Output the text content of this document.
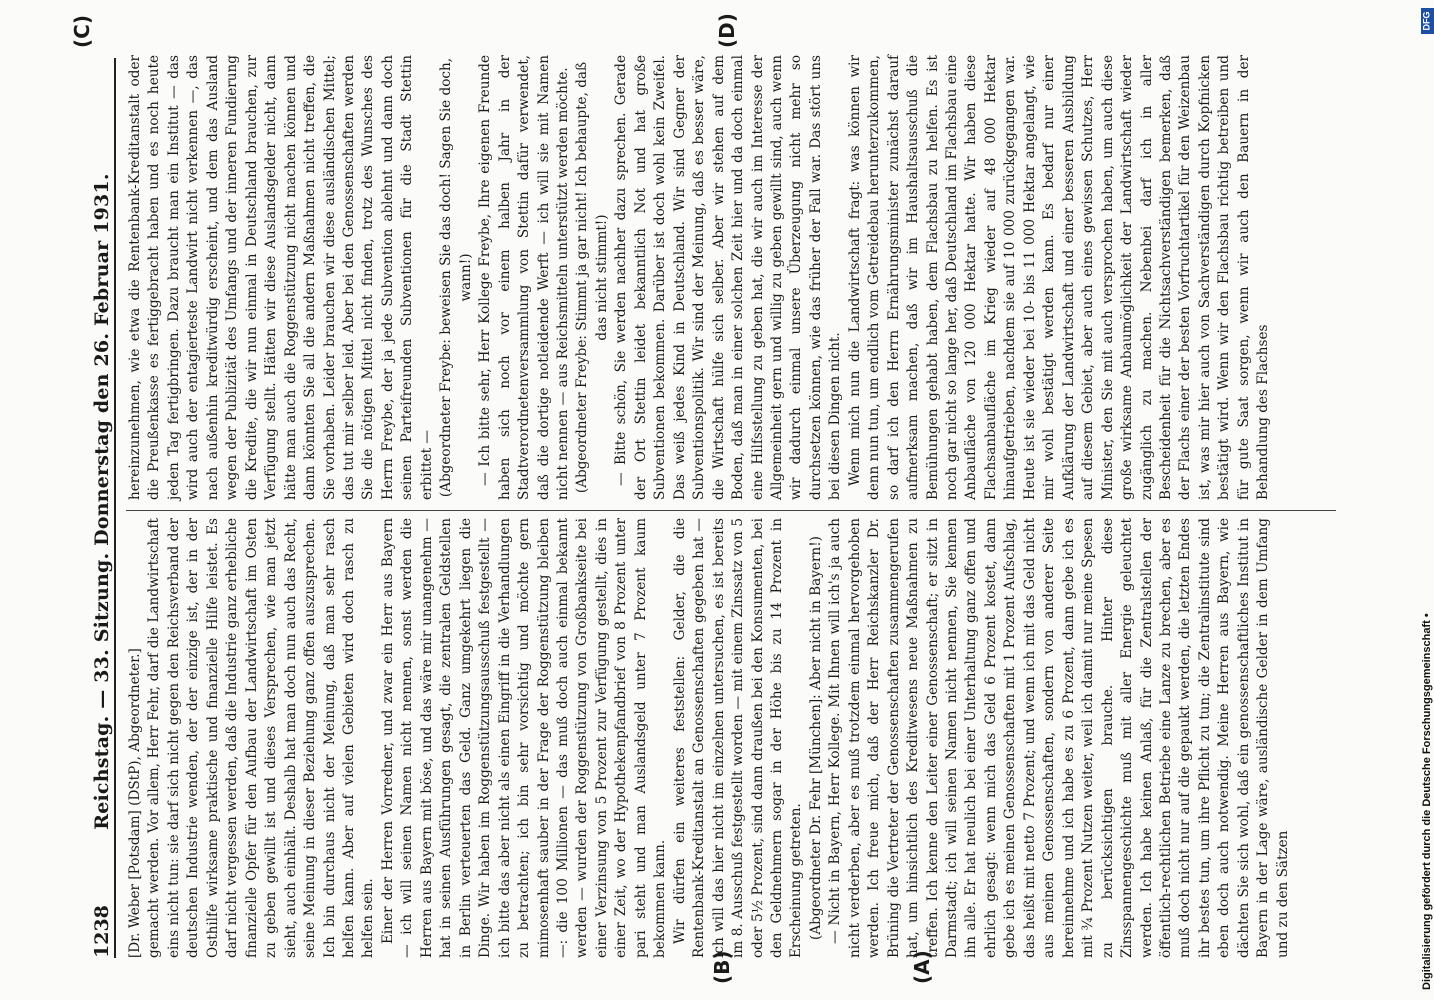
1238
Reichstag. — 33. Sitzung. Donnerstag den 26. Februar 1931. [Dr. Weber [Potsdam] (DStP), Abgeordneter.] gemacht werden. Vor allem, Herr Fehr, darf die Landwirtschaft eins nicht tun: sie darf sich nicht gegen den Reichsverband der deutschen Industrie wenden, der der einzige ist, der in der Osthilfe wirksame praktische und finanzielle Hilfe leistet. Es darf nicht vergessen werden, daß die Industrie ganz erhebliche finanzielle Opfer für den Aufbau der Landwirtschaft im Osten zu geben gewillt ist und dieses Versprechen, wie man jetzt sieht, auch einhält. Deshalb hat man doch nun auch das Recht, seine Meinung in dieser Beziehung ganz offen auszusprechen. Ich bin durchaus nicht der Meinung, daß man sehr rasch helfen kann. Aber auf vielen Gebieten wird doch rasch zu helfen sein. Einer der Herren Vorredner, und zwar ein Herr aus Bayern — ich will seinen Namen nicht nennen, sonst werden die Herren aus Bayern mit böse, und das wäre mir unangenehm — hat in seinen Ausführungen gesagt, die zentralen Geldstellen in Berlin verteuerten das Geld. Ganz umgekehrt liegen die Dinge. Wir haben im Roggenstützungsausschuß festgestellt — ich bitte das aber nicht als einen Eingriff in die Verhandlungen zu betrachten; ich bin sehr vorsichtig und möchte gern mimosenhaft sauber in der Frage der Roggenstützung bleiben —: die 100 Millionen — das muß doch auch einmal bekannt werden — wurden der Roggenstützung von Großbankseite bei einer Verzinsung von 5 Prozent zur Verfügung gestellt, dies in einer Zeit, wo der Hypothekenpfandbrief von 8 Prozent unter pari steht und man Auslandsgeld unter 7 Prozent kaum bekommen kann. Wir dürfen ein weiteres feststellen: Gelder, die die Rentenbank-Kreditanstalt an Genossenschaften gegeben hat — ich will das hier nicht im einzelnen untersuchen, es ist bereits im 8. Ausschuß festgestellt worden — mit einem Zinssatz von 5 oder 5½ Prozent, sind dann draußen bei den Konsumenten, bei den Geldnehmern sogar in der Höhe bis zu 14 Prozent in Erscheinung getreten. (Abgeordneter Dr. Fehr [München]: Aber nicht in Bayern!) — Nicht in Bayern, Herr Kollege. Mit Ihnen will ich's ja auch nicht verderben, aber es muß trotzdem einmal hervorgehoben werden. Ich freue mich, daß der Herr Reichskanzler Dr. Brüning die Vertreter der Genossenschaften zusammengerufen hat, um hinsichtlich des Kreditwesens neue Maßnahmen zu treffen. Ich kenne den Leiter einer Genossenschaft; er sitzt in Darmstadt; ich will seinen Namen nicht nennen, Sie kennen ihn alle. Er hat neulich bei einer Unterhaltung ganz offen und ehrlich gesagt: wenn mich das Geld 6 Prozent kostet, dann gebe ich es meinen Genossenschaften mit 1 Prozent Aufschlag, das heißt mit netto 7 Prozent; und wenn ich mit das Geld nicht aus meinen Genossenschaften, sondern von anderer Seite hereinnehme und ich habe es zu 6 Prozent, dann gebe ich es mit ¾ Prozent Nutzen weiter, weil ich damit nur meine Spesen zu berücksichtigen brauche. Hinter diese Zinsspannengeschichte muß mit aller Energie geleuchtet werden. Ich habe keinen Anlaß, für die Zentralstellen der öffentlich-rechtlichen Betriebe eine Lanze zu brechen, aber es muß doch nicht nur auf die gepaukt werden, die letzten Endes ihr bestes tun, um ihre Pflicht zu tun; die Zentralinstitute sind eben doch auch notwendig. Meine Herren aus Bayern, wie dächten Sie sich wohl, daß ein genossenschaftliches Institut in Bayern in der Lage wäre, ausländische Gelder in dem Umfang und zu den Sätzen

hereinzunehmen, wie etwa die Rentenbank-Kreditanstalt oder die Preußenkasse es fertiggebracht haben und es noch heute jeden Tag fertigbringen. Dazu braucht man ein Institut — das wird auch der entagierteste Landwirt nicht verkennen —, das nach außenhin kreditwürdig erscheint, und dem das Ausland wegen der Publizität des Umfangs und der inneren Fundierung die Kredite, die wir nun einmal in Deutschland brauchen, zur Verfügung stellt. Hätten wir diese Auslandsgelder nicht, dann hätte man auch die Roggenstützung nicht machen können und dann könnten Sie all die andern Maßnahmen nicht treffen, die Sie vorhaben. Leider brauchen wir diese ausländischen Mittel; das tut mir selber leid. Aber bei den Genossenschaften werden Sie die nötigen Mittel nicht finden, trotz des Wunsches des Herrn Freybe, der ja jede Subvention ablehnt und dann doch seinen Parteifreunden Subventionen für die Stadt Stettin erbittet — (Abgeordneter Freybe: beweisen Sie das doch! Sagen Sie doch, wann!) — Ich bitte sehr, Herr Kollege Freybe, Ihre eigenen Freunde haben sich noch vor einem halben Jahr in der Stadtverordnetenversammlung von Stettin dafür verwendet, daß die dortige notleidende Werft — ich will sie mit Namen nicht nennen — aus Reichsmitteln unterstützt werden möchte. (Abgeordneter Freybe: Stimmt ja gar nicht! Ich behaupte, daß das nicht stimmt!) — Bitte schön, Sie werden nachher dazu sprechen. Gerade der Ort Stettin leidet bekanntlich Not und hat große Subventionen bekommen. Darüber ist doch wohl kein Zweifel. Das weiß jedes Kind in Deutschland. Wir sind Gegner der Subventionspolitik. Wir sind der Meinung, daß es besser wäre, die Wirtschaft hülfe sich selber. Aber wir stehen auf dem Boden, daß man in einer solchen Zeit hier und da doch einmal eine Hilfsstellung zu geben hat, die wir auch im Interesse der Allgemeinheit gern und willig zu geben gewillt sind, auch wenn wir dadurch einmal unsere Überzeugung nicht mehr so durchsetzen können, wie das früher der Fall war. Das stört uns bei diesen Dingen nicht. Wenn mich nun die Landwirtschaft fragt: was können wir denn nun tun, um endlich vom Getreidebau herunterzukommen, so darf ich den Herrn Ernährungsminister zunächst darauf aufmerksam machen, daß wir im Haushaltsausschuß die Bemühungen gehabt haben, dem Flachsbau zu helfen. Es ist noch gar nicht so lange her, daß Deutschland im Flachsbau eine Anbaufläche von 120 000 Hektar hatte. Wir haben diese Flachsanbaufläche im Krieg wieder auf 48 000 Hektar hinaufgetrieben, nachdem sie auf 10 000 zurückgegangen war. Heute ist sie wieder bei 10- bis 11 000 Hektar angelangt, wie mir wohl bestätigt werden kann. Es bedarf nur einer Aufklärung der Landwirtschaft und einer besseren Ausbildung auf diesem Gebiet, aber auch eines gewissen Schutzes, Herr Minister, den Sie mit auch versprochen haben, um auch diese große wirksame Anbaumöglichkeit der Landwirtschaft wieder zugänglich zu machen. Nebenbei darf ich in aller Bescheidenheit für die Nichtsachverständigen bemerken, daß der Flachs einer der besten Vorfruchtartikel für den Weizenbau ist, was mir hier auch von Sachverständigen durch Kopfnicken bestätigt wird. Wenn wir den Flachsbau richtig betreiben und für gute Saat sorgen, wenn wir auch den Bauern in der Behandlung des Flachses

(A)
(B)
(C)	(D)
Digitalisierung gefördert durch die Deutsche Forschungsgemeinschaft •
DFG
